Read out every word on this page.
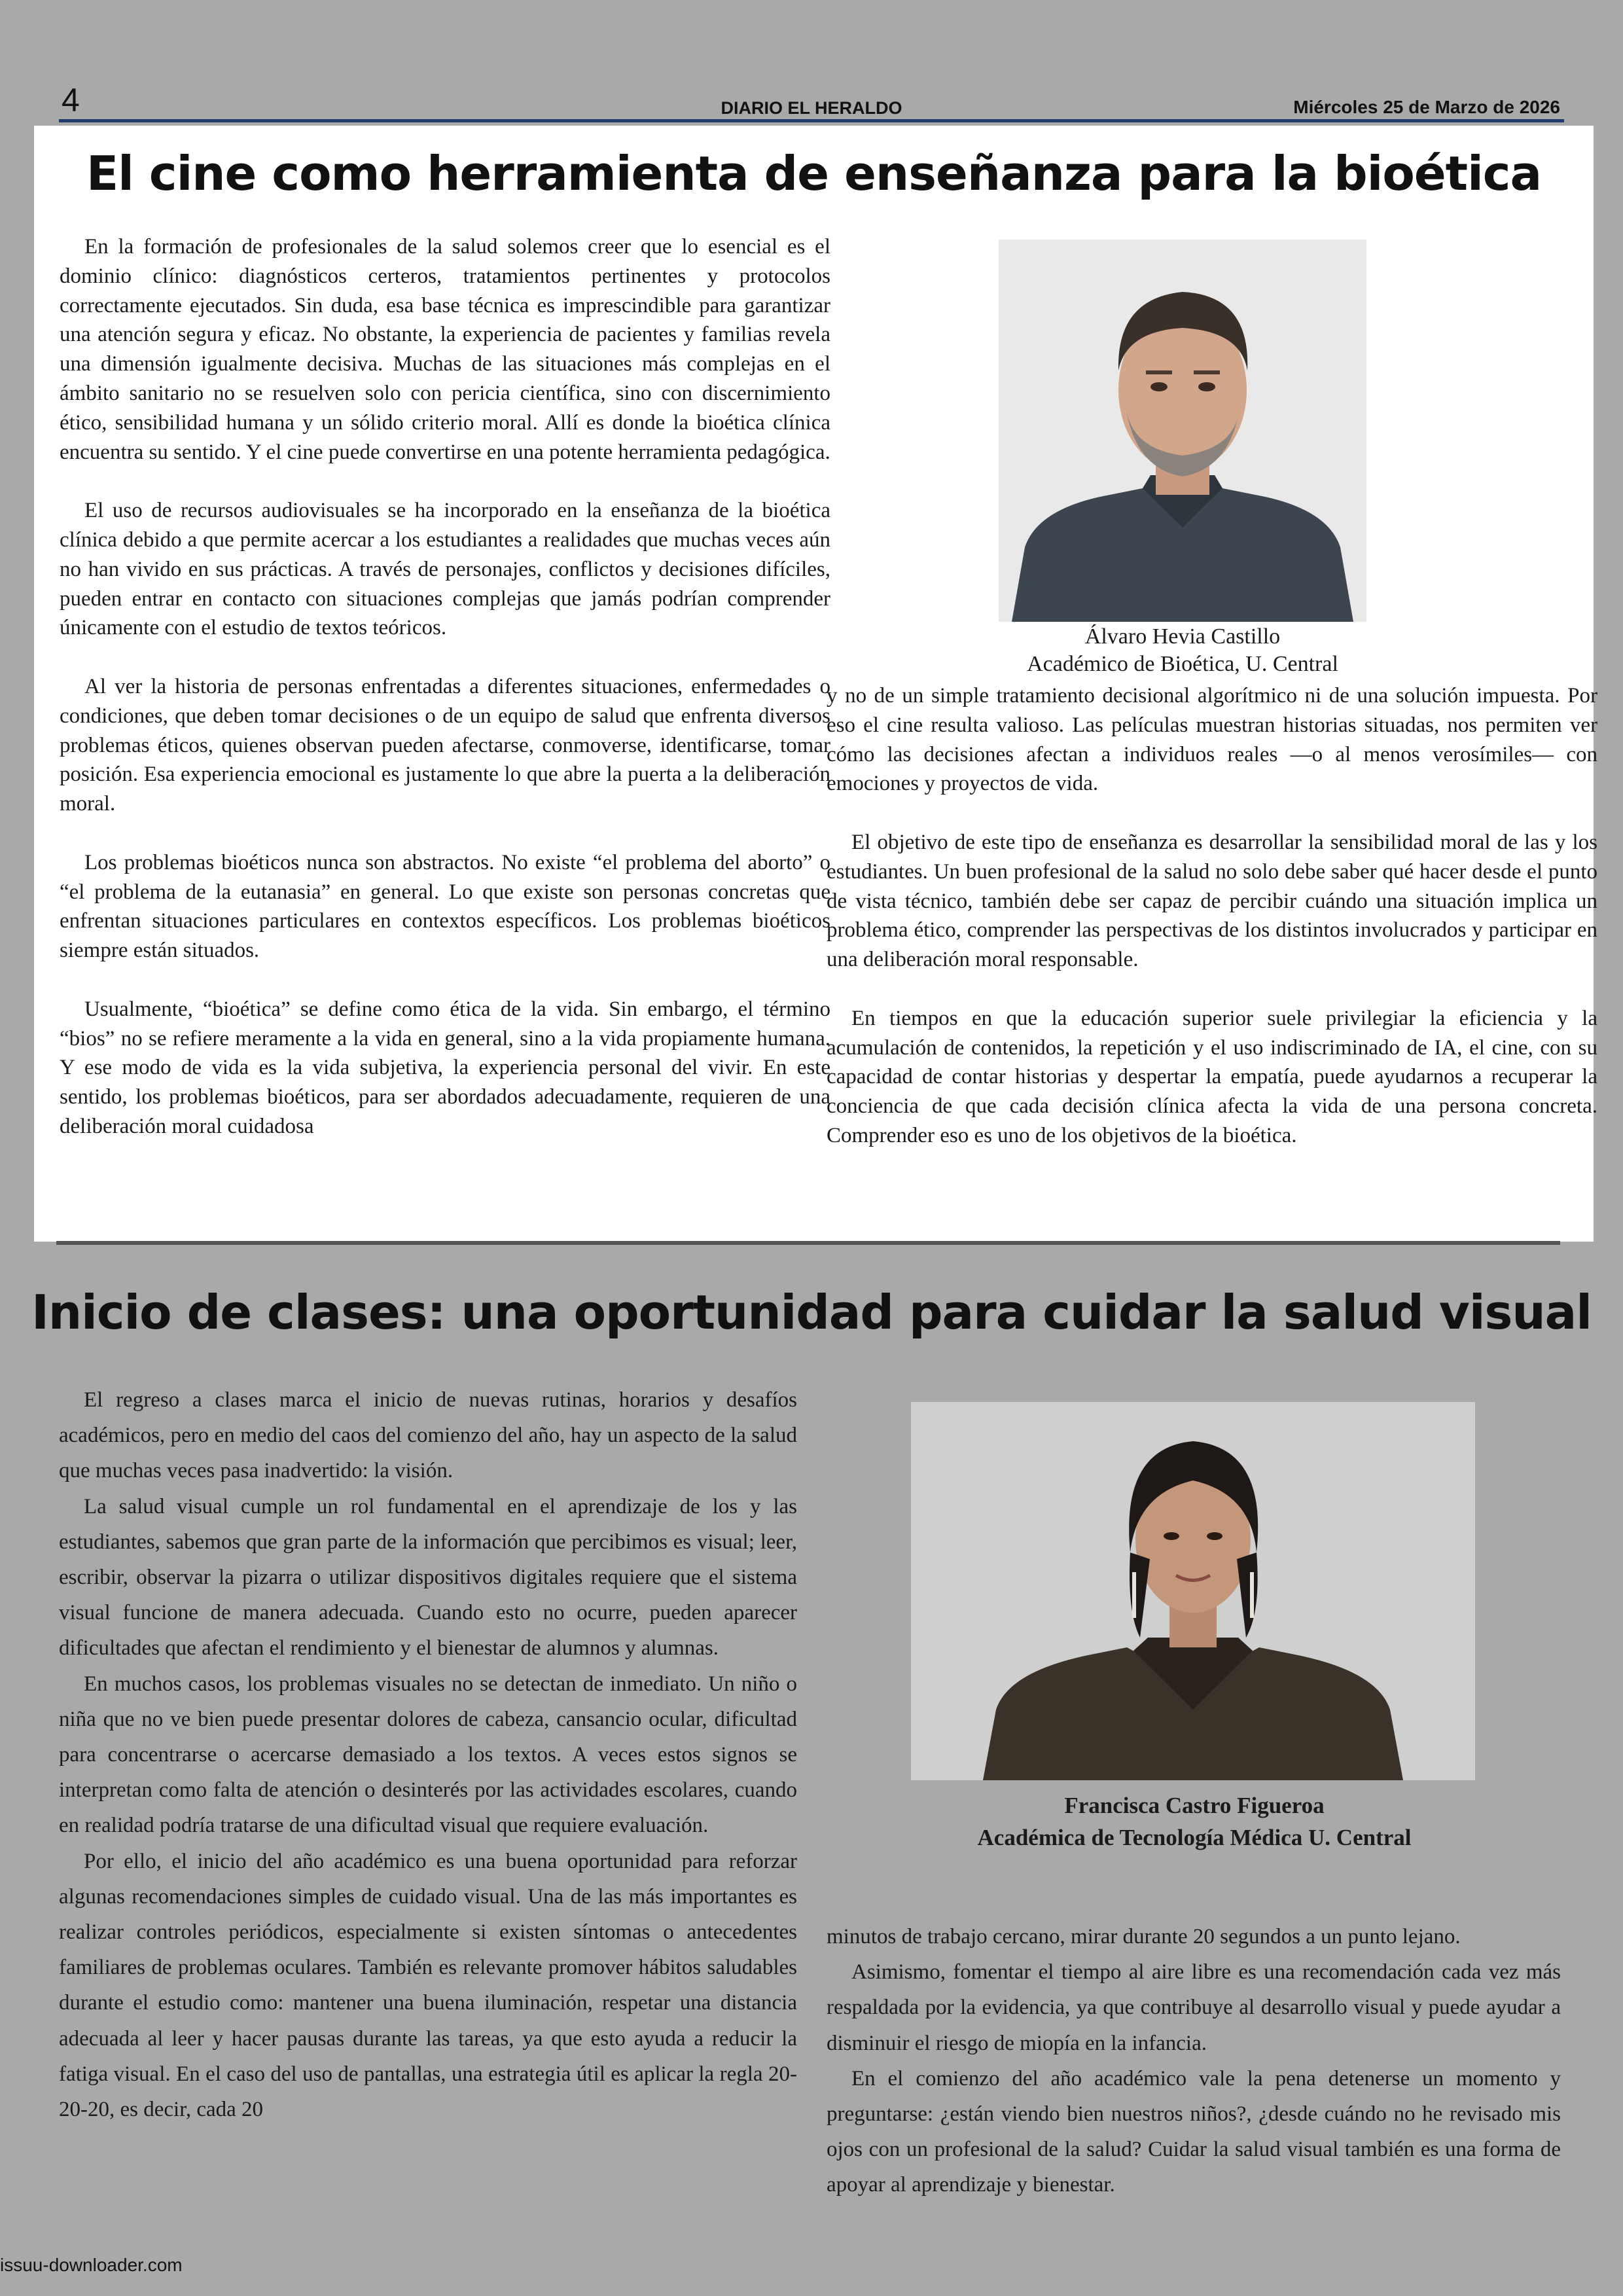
4	DIARIO EL HERALDO	Miércoles 25 de Marzo de 2026
El cine como herramienta de enseñanza para la bioética

En la formación de profesionales de la salud solemos creer que lo esencial es el dominio clínico: diagnósticos certeros, tratamientos pertinentes y protocolos correctamente ejecutados. Sin duda, esa base técnica es imprescindible para garantizar una atención segura y eficaz. No obstante, la experiencia de pacientes y familias revela una dimensión igualmente decisiva. Muchas de las situaciones más complejas en el ámbito sanitario no se resuelven solo con pericia científica, sino con discernimiento ético, sensibilidad humana y un sólido criterio moral. Allí es donde la bioética clínica encuentra su sentido. Y el cine puede convertirse en una potente herramienta pedagógica.

El uso de recursos audiovisuales se ha incorporado en la enseñanza de la bioética clínica debido a que permite acercar a los estudiantes a realidades que muchas veces aún no han vivido en sus prácticas. A través de personajes, conflictos y decisiones difíciles, pueden entrar en contacto con situaciones complejas que jamás podrían comprender únicamente con el estudio de textos teóricos.

Al ver la historia de personas enfrentadas a diferentes situaciones, enfermedades o condiciones, que deben tomar decisiones o de un equipo de salud que enfrenta diversos problemas éticos, quienes observan pueden afectarse, conmoverse, identificarse, tomar posición. Esa experiencia emocional es justamente lo que abre la puerta a la deliberación moral.

Los problemas bioéticos nunca son abstractos. No existe “el problema del aborto” o “el problema de la eutanasia” en general. Lo que existe son personas concretas que enfrentan situaciones particulares en contextos específicos. Los problemas bioéticos siempre están situados.

Usualmente, “bioética” se define como ética de la vida. Sin embargo, el término “bios” no se refiere meramente a la vida en general, sino a la vida propiamente humana. Y ese modo de vida es la vida subjetiva, la experiencia personal del vivir. En este sentido, los problemas bioéticos, para ser abordados adecuadamente, requieren de una deliberación moral cuidadosa

Álvaro Hevia Castillo
Académico de Bioética, U. Central

y no de un simple tratamiento decisional algorítmico ni de una solución impuesta. Por eso el cine resulta valioso. Las películas muestran historias situadas, nos permiten ver cómo las decisiones afectan a individuos reales —o al menos verosímiles— con emociones y proyectos de vida.

El objetivo de este tipo de enseñanza es desarrollar la sensibilidad moral de las y los estudiantes. Un buen profesional de la salud no solo debe saber qué hacer desde el punto de vista técnico, también debe ser capaz de percibir cuándo una situación implica un problema ético, comprender las perspectivas de los distintos involucrados y participar en una deliberación moral responsable.

En tiempos en que la educación superior suele privilegiar la eficiencia y la acumulación de contenidos, la repetición y el uso indiscriminado de IA, el cine, con su capacidad de contar historias y despertar la empatía, puede ayudarnos a recuperar la conciencia de que cada decisión clínica afecta la vida de una persona concreta. Comprender eso es uno de los objetivos de la bioética.

Inicio de clases: una oportunidad para cuidar la salud visual

El regreso a clases marca el inicio de nuevas rutinas, horarios y desafíos académicos, pero en medio del caos del comienzo del año, hay un aspecto de la salud que muchas veces pasa inadvertido: la visión.

La salud visual cumple un rol fundamental en el aprendizaje de los y las estudiantes, sabemos que gran parte de la información que percibimos es visual; leer, escribir, observar la pizarra o utilizar dispositivos digitales requiere que el sistema visual funcione de manera adecuada. Cuando esto no ocurre, pueden aparecer dificultades que afectan el rendimiento y el bienestar de alumnos y alumnas.

En muchos casos, los problemas visuales no se detectan de inmediato. Un niño o niña que no ve bien puede presentar dolores de cabeza, cansancio ocular, dificultad para concentrarse o acercarse demasiado a los textos. A veces estos signos se interpretan como falta de atención o desinterés por las actividades escolares, cuando en realidad podría tratarse de una dificultad visual que requiere evaluación.

Por ello, el inicio del año académico es una buena oportunidad para reforzar algunas recomendaciones simples de cuidado visual. Una de las más importantes es realizar controles periódicos, especialmente si existen síntomas o antecedentes familiares de problemas oculares. También es relevante promover hábitos saludables durante el estudio como: mantener una buena iluminación, respetar una distancia adecuada al leer y hacer pausas durante las tareas, ya que esto ayuda a reducir la fatiga visual. En el caso del uso de pantallas, una estrategia útil es aplicar la regla 20-20-20, es decir, cada 20

Francisca Castro Figueroa
Académica de Tecnología Médica U. Central

minutos de trabajo cercano, mirar durante 20 segundos a un punto lejano.

Asimismo, fomentar el tiempo al aire libre es una recomendación cada vez más respaldada por la evidencia, ya que contribuye al desarrollo visual y puede ayudar a disminuir el riesgo de miopía en la infancia.

En el comienzo del año académico vale la pena detenerse un momento y preguntarse: ¿están viendo bien nuestros niños?, ¿desde cuándo no he revisado mis ojos con un profesional de la salud? Cuidar la salud visual también es una forma de apoyar al aprendizaje y bienestar.

issuu-downloader.com
